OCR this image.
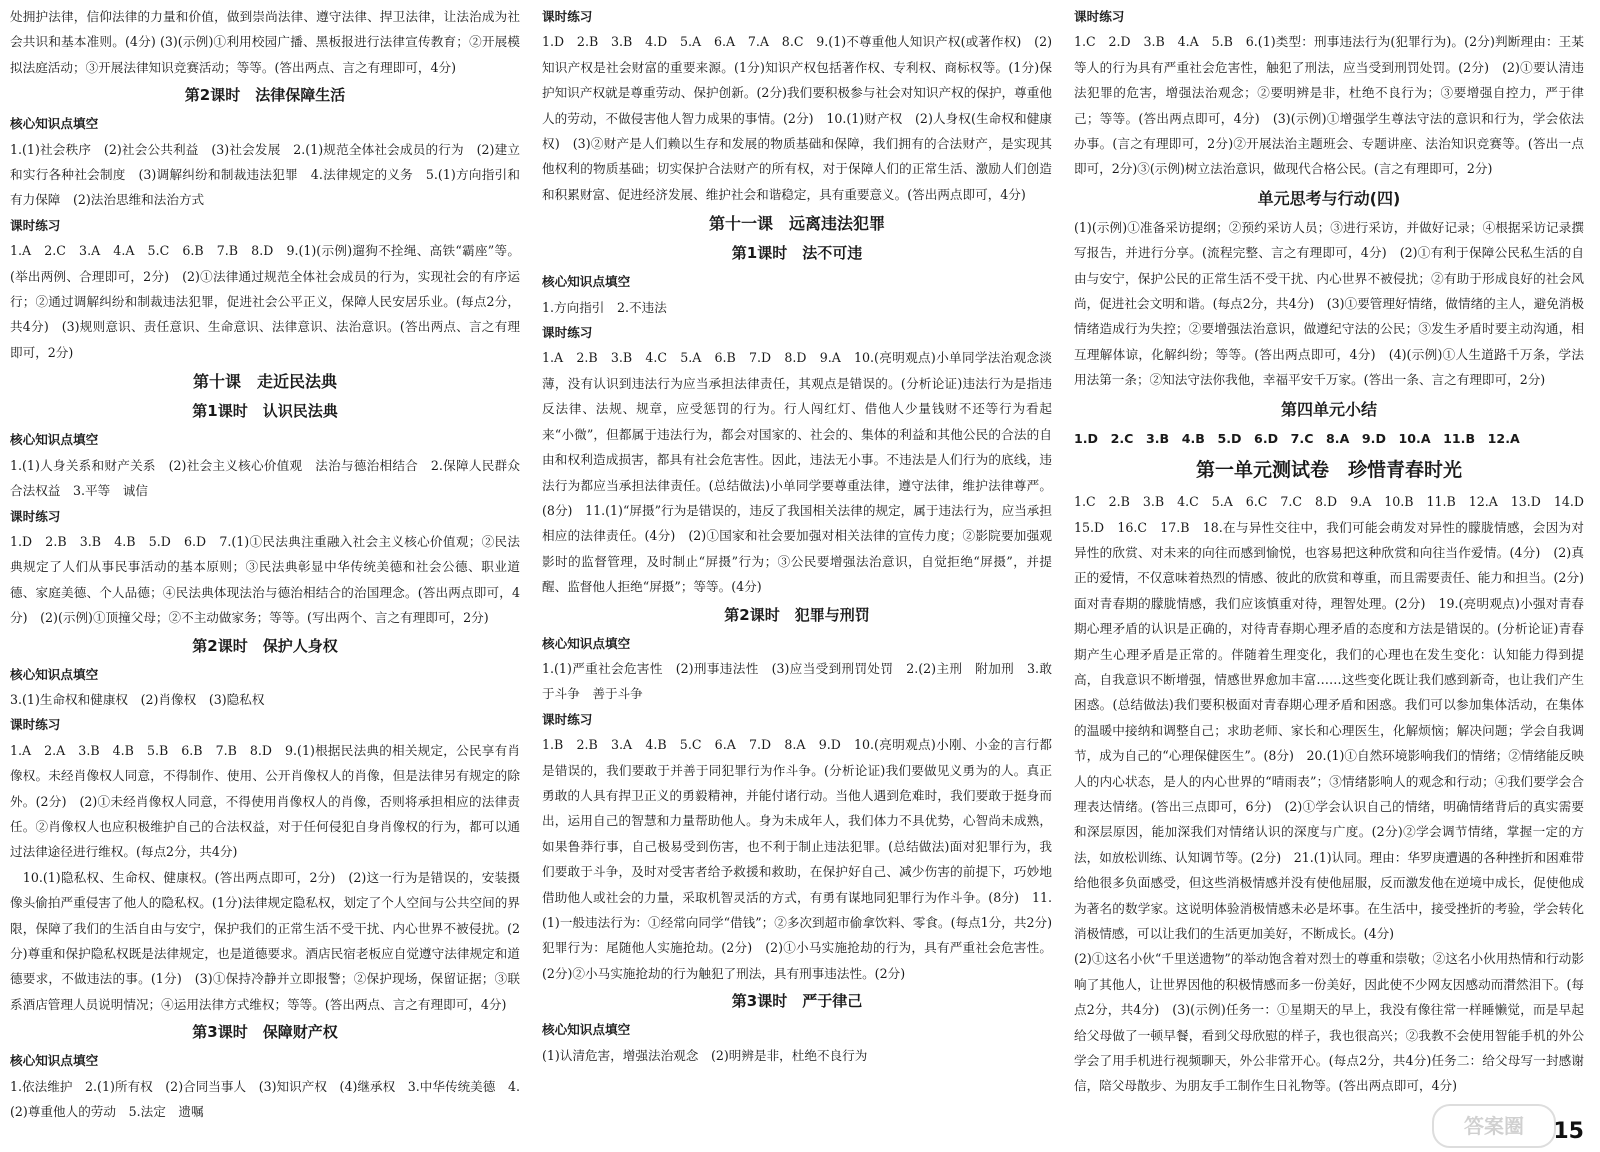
处拥护法律，信仰法律的力量和价值，做到崇尚法律、遵守法律、捍卫法律，让法治成为社会共识和基本准则。(4分) (3)(示例)①利用校园广播、黑板报进行法律宣传教育；②开展模拟法庭活动；③开展法律知识竞赛活动；等等。(答出两点、言之有理即可，4分)

第2课时　法律保障生活

核心知识点填空

1.(1)社会秩序　(2)社会公共利益　(3)社会发展　2.(1)规范全体社会成员的行为　(2)建立和实行各种社会制度　(3)调解纠纷和制裁违法犯罪　4.法律规定的义务　5.(1)方向指引和有力保障　(2)法治思维和法治方式

课时练习

1.A　2.C　3.A　4.A　5.C　6.B　7.B　8.D　9.(1)(示例)遛狗不拴绳、高铁“霸座”等。(举出两例、合理即可，2分)　(2)①法律通过规范全体社会成员的行为，实现社会的有序运行；②通过调解纠纷和制裁违法犯罪，促进社会公平正义，保障人民安居乐业。(每点2分，共4分)　(3)规则意识、责任意识、生命意识、法律意识、法治意识。(答出两点、言之有理即可，2分)

第十课　走近民法典
第1课时　认识民法典

核心知识点填空

1.(1)人身关系和财产关系　(2)社会主义核心价值观　法治与德治相结合　2.保障人民群众合法权益　3.平等　诚信

课时练习

1.D　2.B　3.B　4.B　5.D　6.D　7.(1)①民法典注重融入社会主义核心价值观；②民法典规定了人们从事民事活动的基本原则；③民法典彰显中华传统美德和社会公德、职业道德、家庭美德、个人品德；④民法典体现法治与德治相结合的治国理念。(答出两点即可，4分)　(2)(示例)①顶撞父母；②不主动做家务；等等。(写出两个、言之有理即可，2分)

第2课时　保护人身权

核心知识点填空

3.(1)生命权和健康权　(2)肖像权　(3)隐私权

课时练习

1.A　2.A　3.B　4.B　5.B　6.B　7.B　8.D　9.(1)根据民法典的相关规定，公民享有肖像权。未经肖像权人同意，不得制作、使用、公开肖像权人的肖像，但是法律另有规定的除外。(2分)　(2)①未经肖像权人同意，不得使用肖像权人的肖像，否则将承担相应的法律责任。②肖像权人也应积极维护自己的合法权益，对于任何侵犯自身肖像权的行为，都可以通过法律途径进行维权。(每点2分，共4分)

　10.(1)隐私权、生命权、健康权。(答出两点即可，2分)　(2)这一行为是错误的，安装摄像头偷拍严重侵害了他人的隐私权。(1分)法律规定隐私权，划定了个人空间与公共空间的界限，保障了我们的生活自由与安宁，保护我们的正常生活不受干扰、内心世界不被侵扰。(2分)尊重和保护隐私权既是法律规定，也是道德要求。酒店民宿老板应自觉遵守法律规定和道德要求，不做违法的事。(1分)　(3)①保持冷静并立即报警；②保护现场，保留证据；③联系酒店管理人员说明情况；④运用法律方式维权；等等。(答出两点、言之有理即可，4分)

第3课时　保障财产权

核心知识点填空

1.依法维护　2.(1)所有权　(2)合同当事人　(3)知识产权　(4)继承权　3.中华传统美德　4.(2)尊重他人的劳动　5.法定　遗嘱

课时练习

1.D　2.B　3.B　4.D　5.A　6.A　7.A　8.C　9.(1)不尊重他人知识产权(或著作权)　(2)知识产权是社会财富的重要来源。(1分)知识产权包括著作权、专利权、商标权等。(1分)保护知识产权就是尊重劳动、保护创新。(2分)我们要积极参与社会对知识产权的保护，尊重他人的劳动，不做侵害他人智力成果的事情。(2分)　10.(1)财产权　(2)人身权(生命权和健康权)　(3)②财产是人们赖以生存和发展的物质基础和保障，我们拥有的合法财产，是实现其他权利的物质基础；切实保护合法财产的所有权，对于保障人们的正常生活、激励人们创造和积累财富、促进经济发展、维护社会和谐稳定，具有重要意义。(答出两点即可，4分)

第十一课　远离违法犯罪
第1课时　法不可违

核心知识点填空

1.方向指引　2.不违法

课时练习

1.A　2.B　3.B　4.C　5.A　6.B　7.D　8.D　9.A　10.(亮明观点)小单同学法治观念淡薄，没有认识到违法行为应当承担法律责任，其观点是错误的。(分析论证)违法行为是指违反法律、法规、规章，应受惩罚的行为。行人闯红灯、借他人少量钱财不还等行为看起来“小微”，但都属于违法行为，都会对国家的、社会的、集体的利益和其他公民的合法的自由和权利造成损害，都具有社会危害性。因此，违法无小事。不违法是人们行为的底线，违法行为都应当承担法律责任。(总结做法)小单同学要尊重法律，遵守法律，维护法律尊严。(8分)　11.(1)“屏摄”行为是错误的，违反了我国相关法律的规定，属于违法行为，应当承担相应的法律责任。(4分)　(2)①国家和社会要加强对相关法律的宣传力度；②影院要加强观影时的监督管理，及时制止“屏摄”行为；③公民要增强法治意识，自觉拒绝“屏摄”，并提醒、监督他人拒绝“屏摄”；等等。(4分)

第2课时　犯罪与刑罚

核心知识点填空

1.(1)严重社会危害性　(2)刑事违法性　(3)应当受到刑罚处罚　2.(2)主刑　附加刑　3.敢于斗争　善于斗争

课时练习

1.B　2.B　3.A　4.B　5.C　6.A　7.D　8.A　9.D　10.(亮明观点)小刚、小金的言行都是错误的，我们要敢于并善于同犯罪行为作斗争。(分析论证)我们要做见义勇为的人。真正勇敢的人具有捍卫正义的勇毅精神，并能付诸行动。当他人遇到危难时，我们要敢于挺身而出，运用自己的智慧和力量帮助他人。身为未成年人，我们体力不具优势，心智尚未成熟，如果鲁莽行事，自己极易受到伤害，也不利于制止违法犯罪。(总结做法)面对犯罪行为，我们要敢于斗争，及时对受害者给予救援和救助，在保护好自己、减少伤害的前提下，巧妙地借助他人或社会的力量，采取机智灵活的方式，有勇有谋地同犯罪行为作斗争。(8分)　11.(1)一般违法行为：①经常向同学“借钱”；②多次到超市偷拿饮料、零食。(每点1分，共2分)犯罪行为：尾随他人实施抢劫。(2分)　(2)①小马实施抢劫的行为，具有严重社会危害性。(2分)②小马实施抢劫的行为触犯了刑法，具有刑事违法性。(2分)

第3课时　严于律己

核心知识点填空

(1)认清危害，增强法治观念　(2)明辨是非，杜绝不良行为

课时练习

1.C　2.D　3.B　4.A　5.B　6.(1)类型：刑事违法行为(犯罪行为)。(2分)判断理由：王某等人的行为具有严重社会危害性，触犯了刑法，应当受到刑罚处罚。(2分)　(2)①要认清违法犯罪的危害，增强法治观念；②要明辨是非，杜绝不良行为；③要增强自控力，严于律己；等等。(答出两点即可，4分)　(3)(示例)①增强学生尊法守法的意识和行为，学会依法办事。(言之有理即可，2分)②开展法治主题班会、专题讲座、法治知识竞赛等。(答出一点即可，2分)③(示例)树立法治意识，做现代合格公民。(言之有理即可，2分)

单元思考与行动(四)

(1)(示例)①准备采访提纲；②预约采访人员；③进行采访，并做好记录；④根据采访记录撰写报告，并进行分享。(流程完整、言之有理即可，4分)　(2)①有利于保障公民私生活的自由与安宁，保护公民的正常生活不受干扰、内心世界不被侵扰；②有助于形成良好的社会风尚，促进社会文明和谐。(每点2分，共4分)　(3)①要管理好情绪，做情绪的主人，避免消极情绪造成行为失控；②要增强法治意识，做遵纪守法的公民；③发生矛盾时要主动沟通，相互理解体谅，化解纠纷；等等。(答出两点即可，4分)　(4)(示例)①人生道路千万条，学法用法第一条；②知法守法你我他，幸福平安千万家。(答出一条、言之有理即可，2分)

第四单元小结

1.D　2.C　3.B　4.B　5.D　6.D　7.C　8.A　9.D　10.A　11.B　12.A

第一单元测试卷　珍惜青春时光

1.C　2.B　3.B　4.C　5.A　6.C　7.C　8.D　9.A　10.B　11.B　12.A　13.D　14.D　15.D　16.C　17.B　18.在与异性交往中，我们可能会萌发对异性的朦胧情感，会因为对异性的欣赏、对未来的向往而感到愉悦，也容易把这种欣赏和向往当作爱情。(4分)　(2)真正的爱情，不仅意味着热烈的情感、彼此的欣赏和尊重，而且需要责任、能力和担当。(2分)面对青春期的朦胧情感，我们应该慎重对待，理智处理。(2分)　19.(亮明观点)小强对青春期心理矛盾的认识是正确的，对待青春期心理矛盾的态度和方法是错误的。(分析论证)青春期产生心理矛盾是正常的。伴随着生理变化，我们的心理也在发生变化：认知能力得到提高，自我意识不断增强，情感世界愈加丰富……这些变化既让我们感到新奇，也让我们产生困惑。(总结做法)我们要积极面对青春期心理矛盾和困惑。我们可以参加集体活动，在集体的温暖中接纳和调整自己；求助老师、家长和心理医生，化解烦恼；解决问题；学会自我调节，成为自己的“心理保健医生”。(8分)　20.(1)①自然环境影响我们的情绪；②情绪能反映人的内心状态，是人的内心世界的“晴雨表”；③情绪影响人的观念和行动；④我们要学会合理表达情绪。(答出三点即可，6分)　(2)①学会认识自己的情绪，明确情绪背后的真实需要和深层原因，能加深我们对情绪认识的深度与广度。(2分)②学会调节情绪，掌握一定的方法，如放松训练、认知调节等。(2分)　21.(1)认同。理由：华罗庚遭遇的各种挫折和困难带给他很多负面感受，但这些消极情感并没有使他屈服，反而激发他在逆境中成长，促使他成为著名的数学家。这说明体验消极情感未必是坏事。在生活中，接受挫折的考验，学会转化消极情感，可以让我们的生活更加美好，不断成长。(4分)

(2)①这名小伙“千里送遗物”的举动饱含着对烈士的尊重和崇敬；②这名小伙用热情和行动影响了其他人，让世界因他的积极情感而多一份美好，因此使不少网友因感动而潸然泪下。(每点2分，共4分)　(3)(示例)任务一：①星期天的早上，我没有像往常一样睡懒觉，而是早起给父母做了一顿早餐，看到父母欣慰的样子，我也很高兴；②我教不会使用智能手机的外公学会了用手机进行视频聊天，外公非常开心。(每点2分，共4分)任务二：给父母写一封感谢信，陪父母散步、为朋友手工制作生日礼物等。(答出两点即可，4分)

答案圈	15
